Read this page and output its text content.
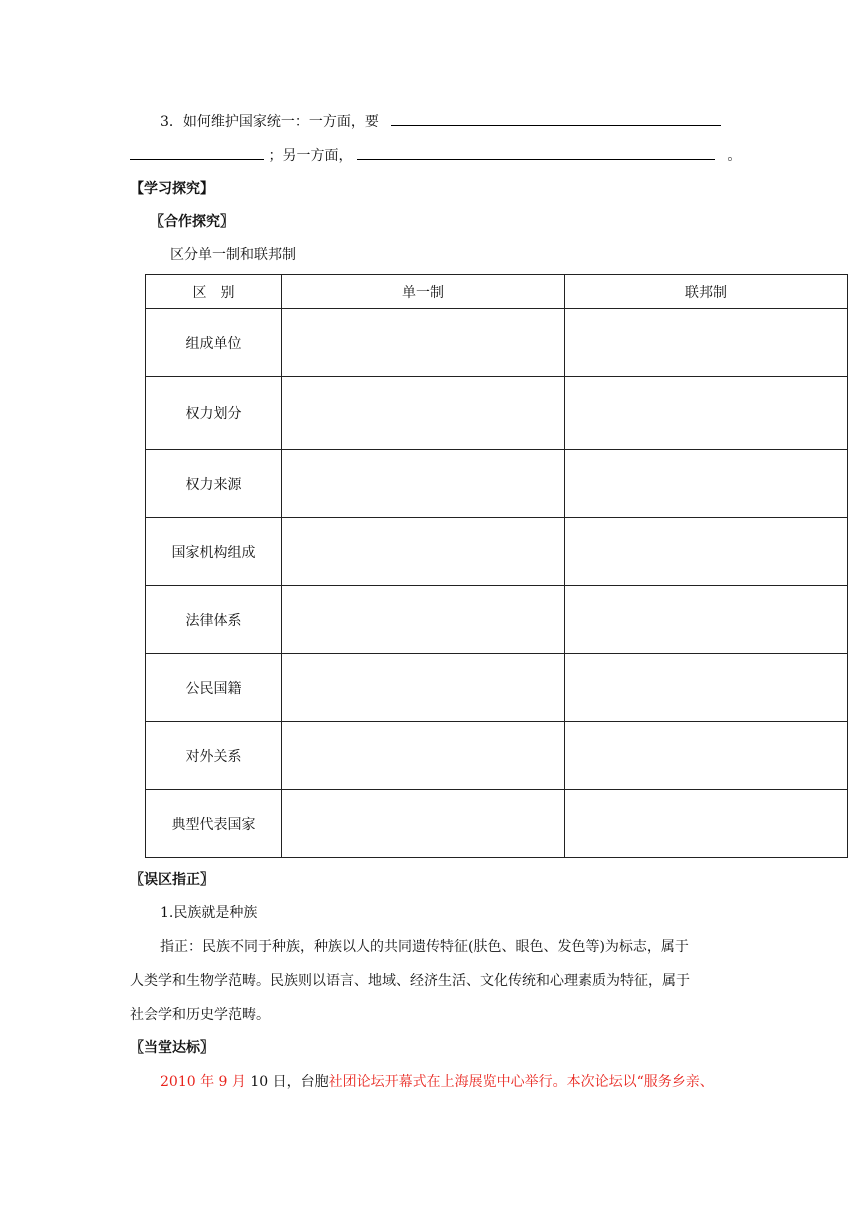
3．如何维护国家统一：一方面，要
；另一方面，	。
【学习探究】
〖合作探究〗
区分单一制和联邦制
区　别	单一制	联邦制
组成单位		
权力划分		
权力来源		
国家机构组成		
法律体系		
公民国籍		
对外关系		
典型代表国家		
〖误区指正〗
1.民族就是种族
指正：民族不同于种族，种族以人的共同遗传特征(肤色、眼色、发色等)为标志，属于
人类学和生物学范畴。民族则以语言、地域、经济生活、文化传统和心理素质为特征，属于
社会学和历史学范畴。
〖当堂达标〗
2010 年 9 月 10 日，台胞社团论坛开幕式在上海展览中心举行。本次论坛以“服务乡亲、
